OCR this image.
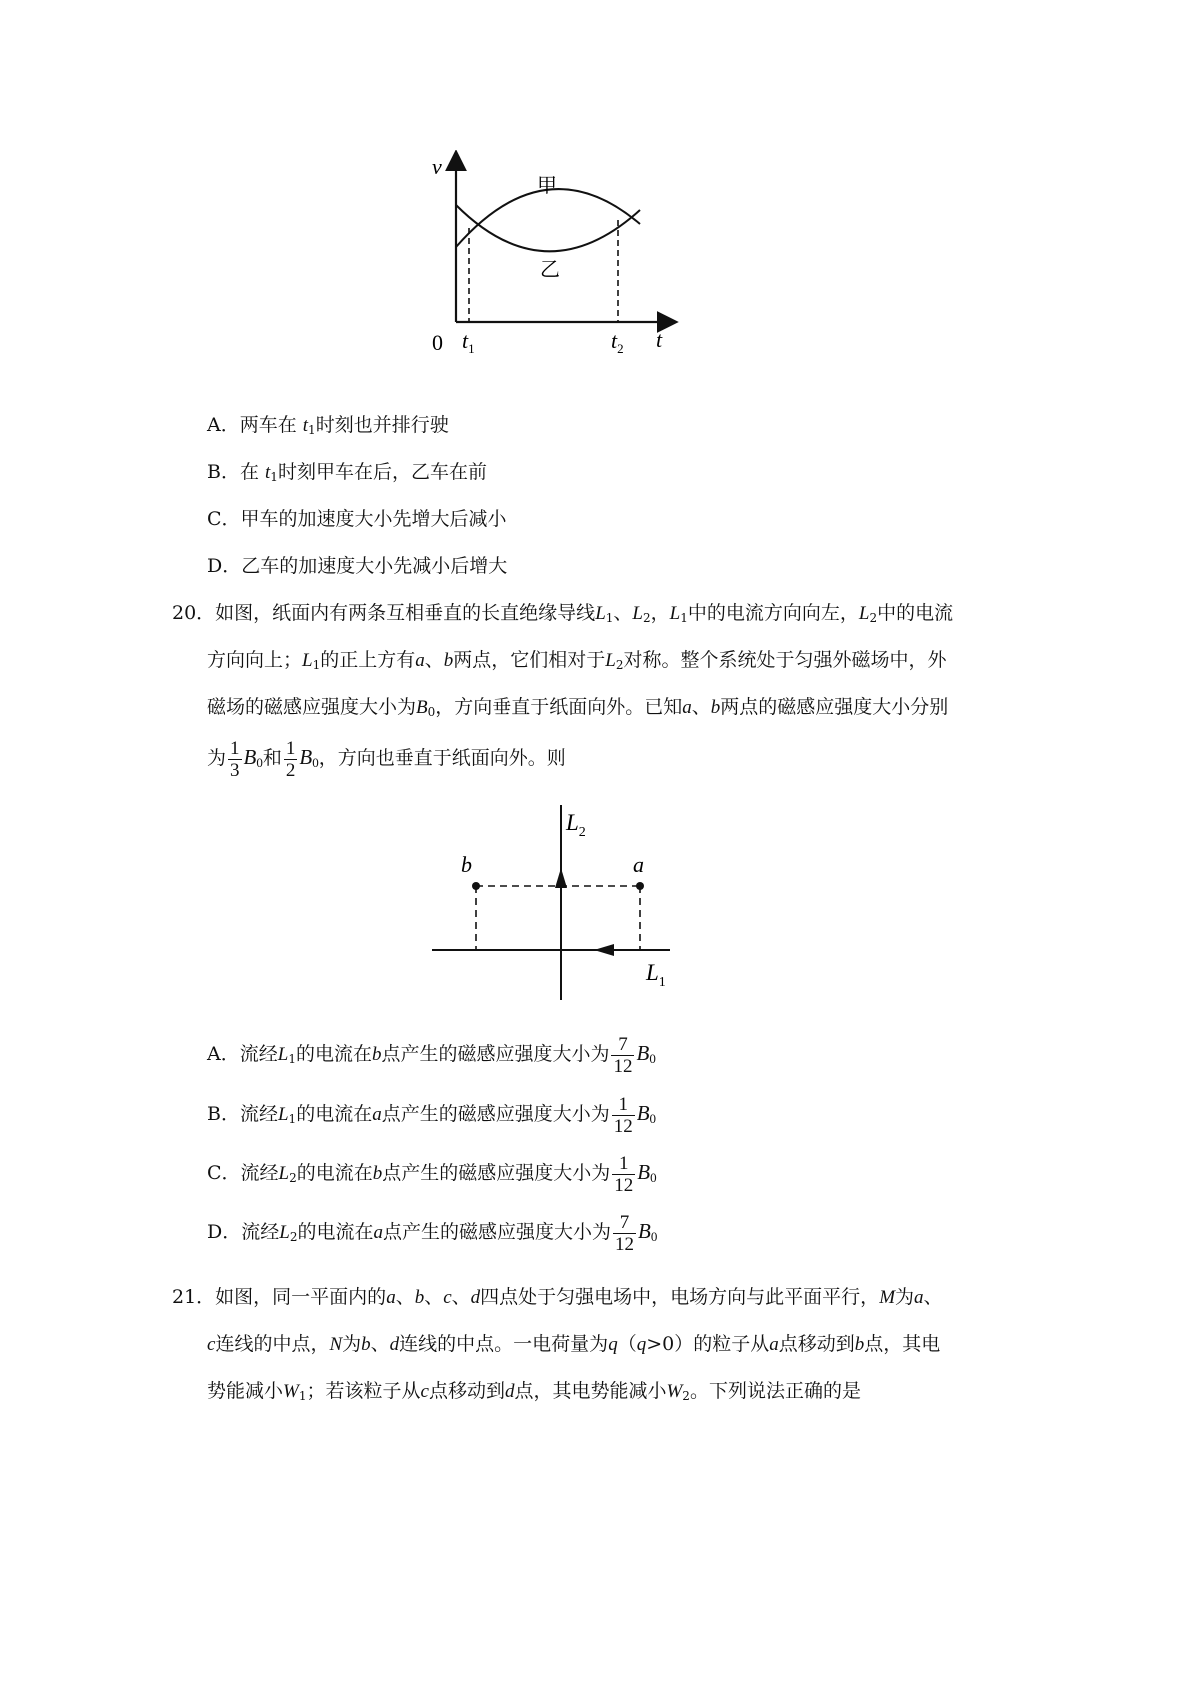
v
t
0 $t_1$	$t_2$
甲
乙
A．两车在 $t_1$时刻也并排行驶
B．在 $t_1$时刻甲车在后，乙车在前
C．甲车的加速度大小先增大后减小
D．乙车的加速度大小先减小后增大
20．如图，纸面内有两条互相垂直的长直绝缘导线$L_1$、$L_2$，$L_1$中的电流方向向左，$L_2$中的电流
方向向上；$L_1$的正上方有a、b两点，它们相对于$L_2$对称。整个系统处于匀强外磁场中，外
磁场的磁感应强度大小为$B_0$，方向垂直于纸面向外。已知a、b两点的磁感应强度大小分别
为 $\frac{1}{3} B_0$和 $\frac{1}{2} B_0$，方向也垂直于纸面向外。则
b	a
$L_2$
$L_1$
A．流经$L_1$的电流在b点产生的磁感应强度大小为 $\frac{7}{12} B_0$
B．流经$L_1$的电流在a点产生的磁感应强度大小为 $\frac{1}{12} B_0$
C．流经$L_2$的电流在b点产生的磁感应强度大小为 $\frac{1}{12} B_0$
D．流经$L_2$的电流在a点产生的磁感应强度大小为 $\frac{7}{12} B_0$
21．如图，同一平面内的a、b、c、d四点处于匀强电场中，电场方向与此平面平行，M为a、
c连线的中点，N为b、d连线的中点。一电荷量为q（q>0）的粒子从a点移动到b点，其电
势能减小$W_1$；若该粒子从c点移动到d点，其电势能减小$W_2$。下列说法正确的是
